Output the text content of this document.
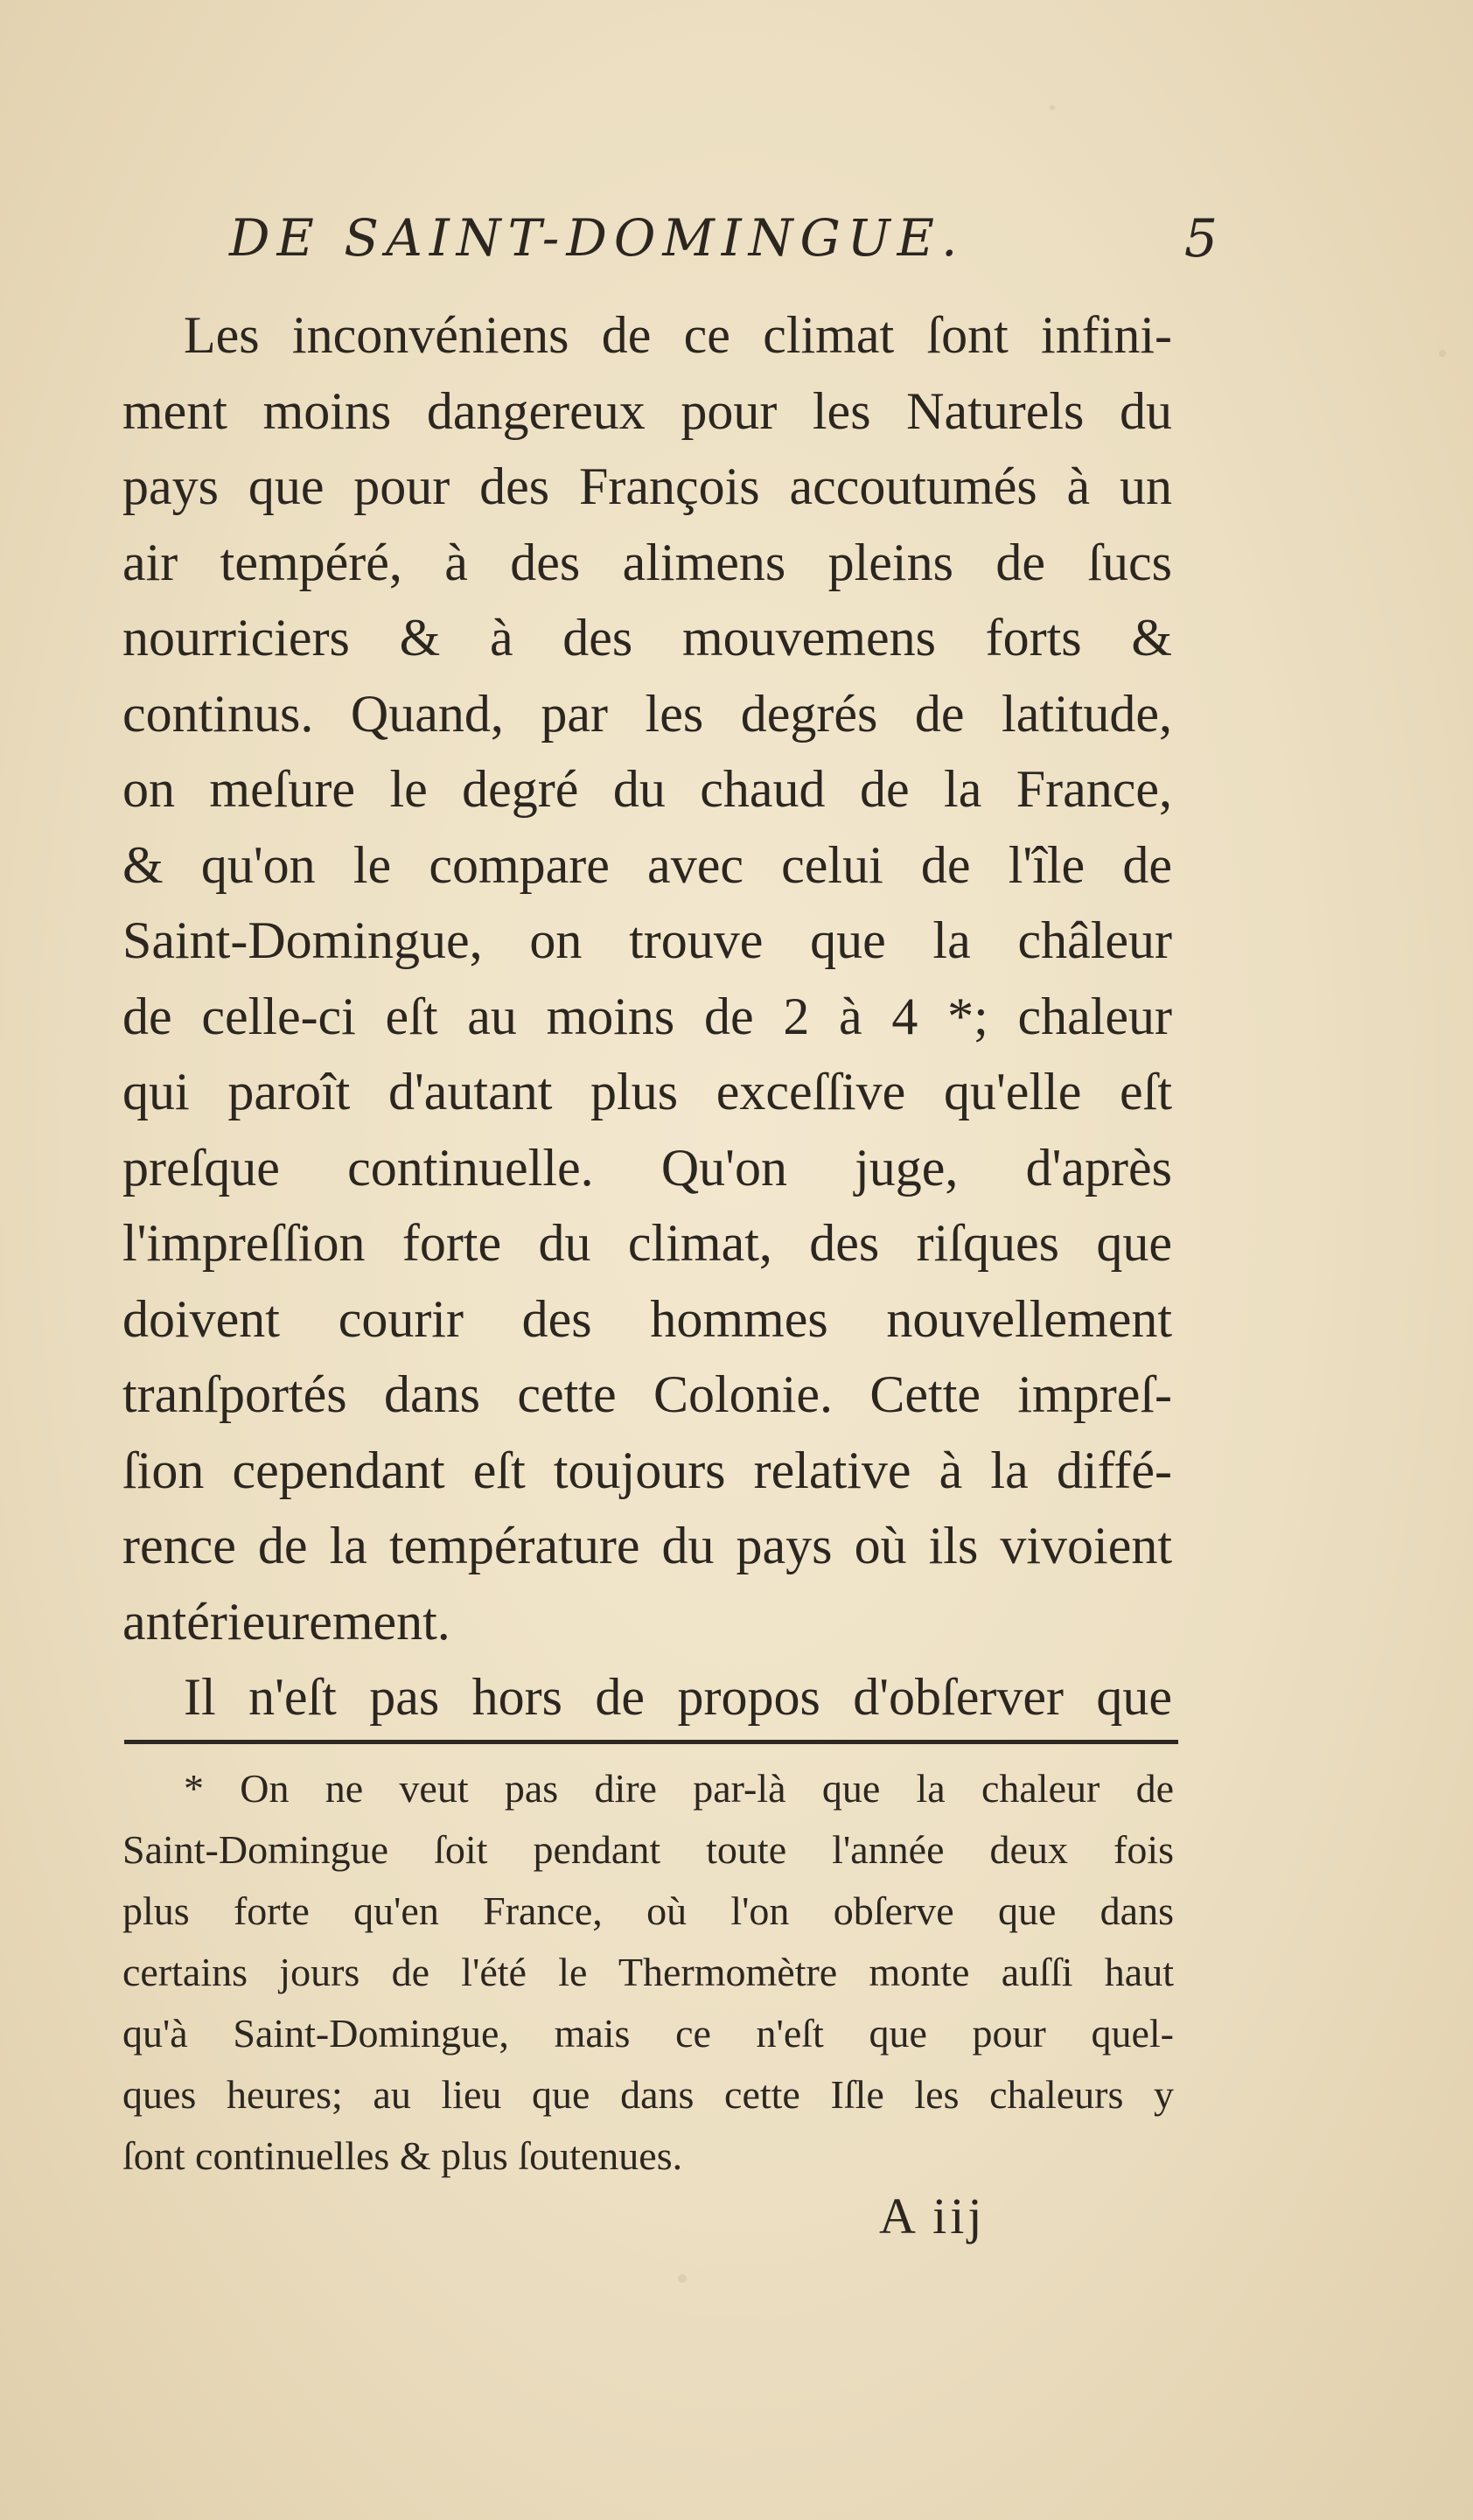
DE SAINT-DOMINGUE.	5
Les inconvéniens de ce climat ſont infini-
ment moins dangereux pour les Naturels du
pays que pour des François accoutumés à un
air tempéré, à des alimens pleins de ſucs
nourriciers & à des mouvemens forts &
continus. Quand, par les degrés de latitude,
on meſure le degré du chaud de la France,
& qu'on le compare avec celui de l'île de
Saint-Domingue, on trouve que la châleur
de celle-ci eſt au moins de 2 à 4 *; chaleur
qui paroît d'autant plus exceſſive qu'elle eſt
preſque continuelle. Qu'on juge, d'après
l'impreſſion forte du climat, des riſques que
doivent courir des hommes nouvellement
tranſportés dans cette Colonie. Cette impreſ-
ſion cependant eſt toujours relative à la diffé-
rence de la température du pays où ils vivoient
antérieurement.
Il n'eſt pas hors de propos d'obſerver que
* On ne veut pas dire par-là que la chaleur de
Saint-Domingue ſoit pendant toute l'année deux fois
plus forte qu'en France, où l'on obſerve que dans
certains jours de l'été le Thermomètre monte auſſi haut
qu'à Saint-Domingue, mais ce n'eſt que pour quel-
ques heures; au lieu que dans cette Iſle les chaleurs y
ſont continuelles & plus ſoutenues.
A iij
